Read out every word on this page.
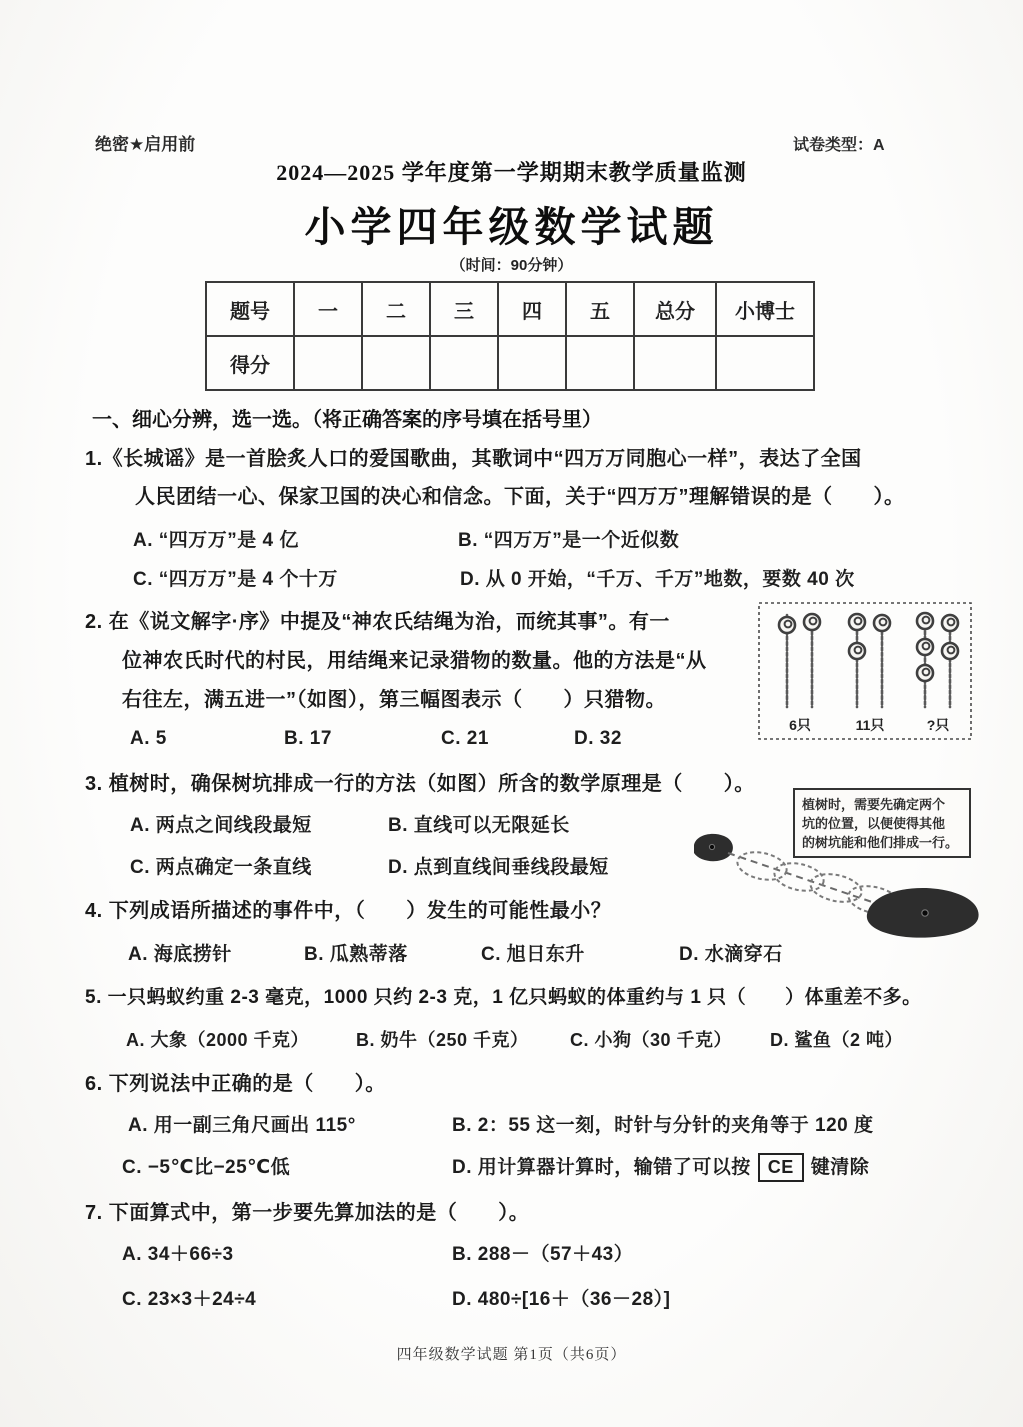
绝密★启用前	试卷类型：A
2024—2025 学年度第一学期期末教学质量监测
小学四年级数学试题
（时间：90分钟）
题号	一	二	三	四	五	总分	小博士
得分							
一、细心分辨，选一选。（将正确答案的序号填在括号里）
1.《长城谣》是一首脍炙人口的爱国歌曲，其歌词中“四万万同胞心一样”，表达了全国
人民团结一心、保家卫国的决心和信念。下面，关于“四万万”理解错误的是（　　）。
A. “四万万”是 4 亿	B. “四万万”是一个近似数
C. “四万万”是 4 个十万	D. 从 0 开始，“千万、千万”地数，要数 40 次
2. 在《说文解字·序》中提及“神农氏结绳为治，而统其事”。有一
位神农氏时代的村民，用结绳来记录猎物的数量。他的方法是“从
右往左，满五进一”（如图），第三幅图表示（　　）只猎物。
A. 5	B. 17	C. 21	D. 32
6只	11只	?只
3. 植树时，确保树坑排成一行的方法（如图）所含的数学原理是（　　）。
A. 两点之间线段最短	B. 直线可以无限延长
C. 两点确定一条直线	D. 点到直线间垂线段最短
植树时，需要先确定两个
坑的位置，以便使得其他
的树坑能和他们排成一行。
4. 下列成语所描述的事件中，（　　）发生的可能性最小？
A. 海底捞针	B. 瓜熟蒂落	C. 旭日东升	D. 水滴穿石
5. 一只蚂蚁约重 2-3 毫克，1000 只约 2-3 克，1 亿只蚂蚁的体重约与 1 只（　　）体重差不多。
A. 大象（2000 千克）	B. 奶牛（250 千克） C. 小狗（30 千克） D. 鲨鱼（2 吨）
6. 下列说法中正确的是（　　）。
A. 用一副三角尺画出 115°	B. 2：55 这一刻，时针与分针的夹角等于 120 度
C. −5℃比−25℃低	D. 用计算器计算时，输错了可以按 CE 键清除
7. 下面算式中，第一步要先算加法的是（　　）。
A. 34＋66÷3	B. 288－（57＋43）
C. 23×3＋24÷4	D. 480÷[16＋（36－28）]
四年级数学试题 第1页（共6页）
